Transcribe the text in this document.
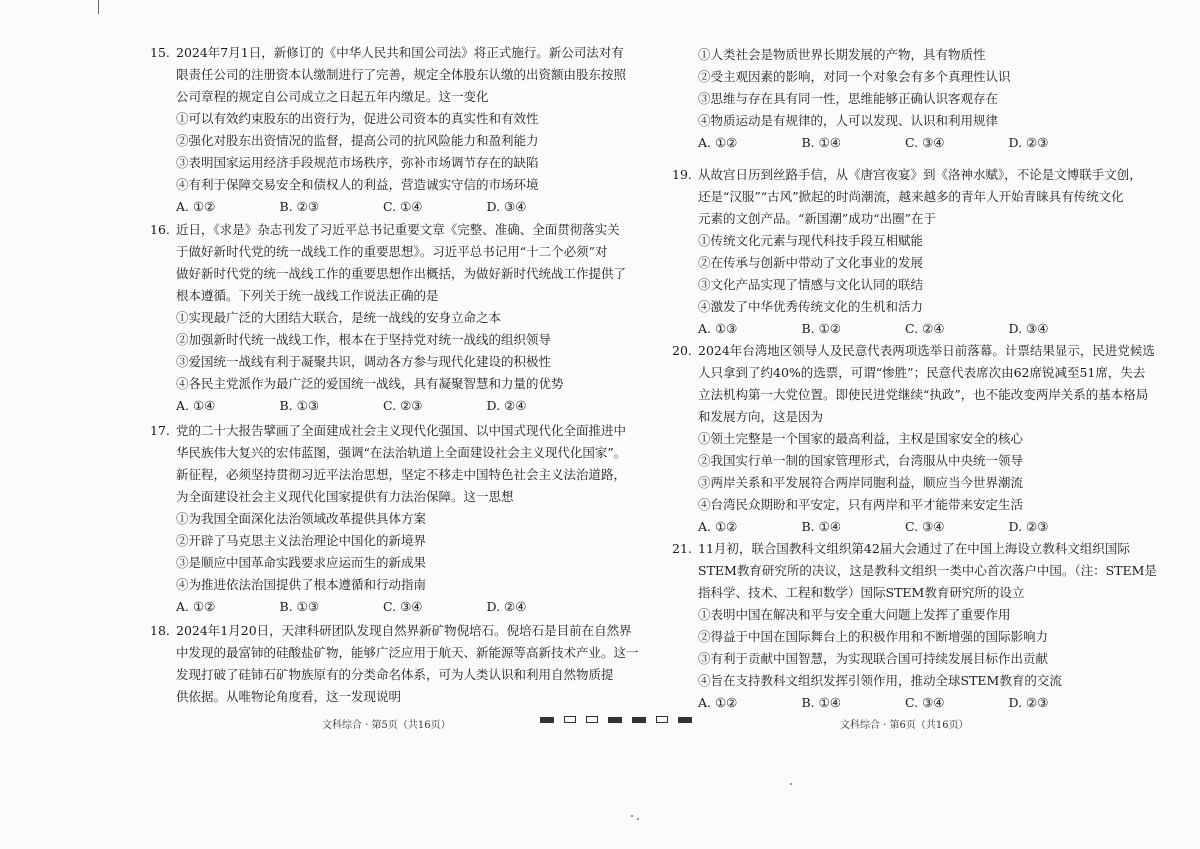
15. 2024年7月1日，新修订的《中华人民共和国公司法》将正式施行。新公司法对有
限责任公司的注册资本认缴制进行了完善，规定全体股东认缴的出资额由股东按照
公司章程的规定自公司成立之日起五年内缴足。这一变化
①可以有效约束股东的出资行为，促进公司资本的真实性和有效性
②强化对股东出资情况的监督，提高公司的抗风险能力和盈利能力
③表明国家运用经济手段规范市场秩序，弥补市场调节存在的缺陷
④有利于保障交易安全和债权人的利益，营造诚实守信的市场环境
A. ①②	B. ②③	C. ①④	D. ③④
16. 近日，《求是》杂志刊发了习近平总书记重要文章《完整、准确、全面贯彻落实关
于做好新时代党的统一战线工作的重要思想》。习近平总书记用“十二个必须”对
做好新时代党的统一战线工作的重要思想作出概括，为做好新时代统战工作提供了
根本遵循。下列关于统一战线工作说法正确的是
①实现最广泛的大团结大联合，是统一战线的安身立命之本
②加强新时代统一战线工作，根本在于坚持党对统一战线的组织领导
③爱国统一战线有利于凝聚共识，调动各方参与现代化建设的积极性
④各民主党派作为最广泛的爱国统一战线，具有凝聚智慧和力量的优势
A. ①④	B. ①③	C. ②③	D. ②④
17. 党的二十大报告擘画了全面建成社会主义现代化强国、以中国式现代化全面推进中
华民族伟大复兴的宏伟蓝图，强调“在法治轨道上全面建设社会主义现代化国家”。
新征程，必须坚持贯彻习近平法治思想，坚定不移走中国特色社会主义法治道路，
为全面建设社会主义现代化国家提供有力法治保障。这一思想
①为我国全面深化法治领域改革提供具体方案
②开辟了马克思主义法治理论中国化的新境界
③是顺应中国革命实践要求应运而生的新成果
④为推进依法治国提供了根本遵循和行动指南
A. ①②	B. ①③	C. ③④	D. ②④
18. 2024年1月20日，天津科研团队发现自然界新矿物倪培石。倪培石是目前在自然界
中发现的最富铈的硅酸盐矿物，能够广泛应用于航天、新能源等高新技术产业。这一
发现打破了硅铈石矿物族原有的分类命名体系，可为人类认识和利用自然物质提
供依据。从唯物论角度看，这一发现说明
文科综合 · 第5页（共16页）
①人类社会是物质世界长期发展的产物，具有物质性
②受主观因素的影响，对同一个对象会有多个真理性认识
③思维与存在具有同一性，思维能够正确认识客观存在
④物质运动是有规律的，人可以发现、认识和利用规律
A. ①②	B. ①④	C. ③④	D. ②③
19. 从故宫日历到丝路手信，从《唐宫夜宴》到《洛神水赋》，不论是文博联手文创，
还是“汉服”“古风”掀起的时尚潮流，越来越多的青年人开始青睐具有传统文化
元素的文创产品。“新国潮”成功“出圈”在于
①传统文化元素与现代科技手段互相赋能
②在传承与创新中带动了文化事业的发展
③文化产品实现了情感与文化认同的联结
④激发了中华优秀传统文化的生机和活力
A. ①③	B. ①②	C. ②④	D. ③④
20. 2024年台湾地区领导人及民意代表两项选举日前落幕。计票结果显示，民进党候选
人只拿到了约40%的选票，可谓“惨胜”；民意代表席次由62席锐减至51席，失去
立法机构第一大党位置。即使民进党继续“执政”，也不能改变两岸关系的基本格局
和发展方向，这是因为
①领土完整是一个国家的最高利益，主权是国家安全的核心
②我国实行单一制的国家管理形式，台湾服从中央统一领导
③两岸关系和平发展符合两岸同胞利益，顺应当今世界潮流
④台湾民众期盼和平安定，只有两岸和平才能带来安定生活
A. ①②	B. ①④	C. ③④	D. ②③
21. 11月初，联合国教科文组织第42届大会通过了在中国上海设立教科文组织国际
STEM教育研究所的决议，这是教科文组织一类中心首次落户中国。（注：STEM是
指科学、技术、工程和数学）国际STEM教育研究所的设立
①表明中国在解决和平与安全重大问题上发挥了重要作用
②得益于中国在国际舞台上的积极作用和不断增强的国际影响力
③有利于贡献中国智慧，为实现联合国可持续发展目标作出贡献
④旨在支持教科文组织发挥引领作用，推动全球STEM教育的交流
A. ①②	B. ①④	C. ③④	D. ②③
文科综合 · 第6页（共16页）
